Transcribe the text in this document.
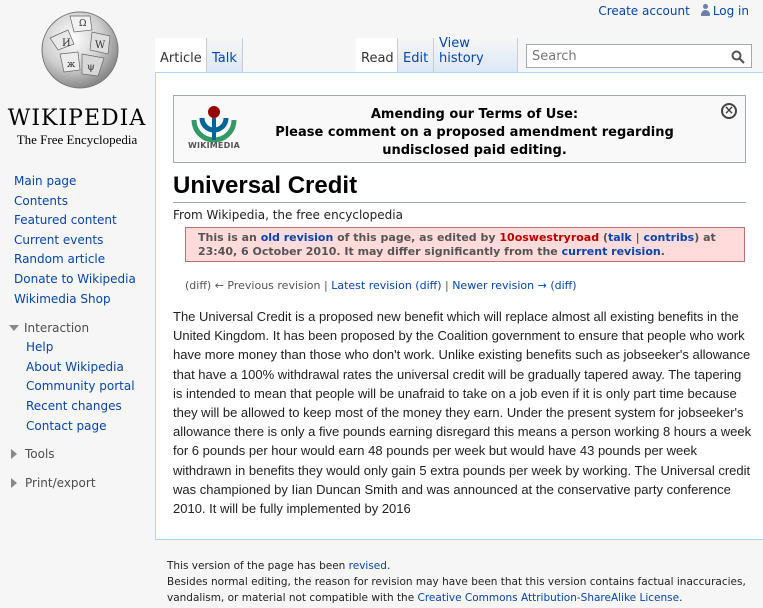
Create account	Log in
Ω
И W
ж ψ
WIKIPEDIA
The Free Encyclopedia
Main page
Contents
Featured content
Current events
Random article
Donate to Wikipedia
Wikimedia Shop
Interaction
Help
About Wikipedia
Community portal
Recent changes
Contact page
Tools
Print/export
Article Talk	Read Edit
View history
Search
WIKIMEDIA
Amending our Terms of Use:
Please comment on a proposed amendment regarding undisclosed paid editing.
×
Universal Credit
From Wikipedia, the free encyclopedia
This is an old revision of this page, as edited by 10oswestryroad (talk | contribs) at 23:40, 6 October 2010. It may differ significantly from the current revision.
(diff) ← Previous revision | Latest revision (diff) | Newer revision → (diff)

The Universal Credit is a proposed new benefit which will replace almost all existing benefits in the United Kingdom. It has been proposed by the Coalition government to ensure that people who work have more money than those who don't work. Unlike existing benefits such as jobseeker's allowance that have a 100% withdrawal rates the universal credit will be gradually tapered away. The tapering is intended to mean that people will be unafraid to take on a job even if it is only part time because they will be allowed to keep most of the money they earn. Under the present system for jobseeker's allowance there is only a five pounds earning disregard this means a person working 8 hours a week for 6 pounds per hour would earn 48 pounds per week but would have 43 pounds per week withdrawn in benefits they would only gain 5 extra pounds per week by working. The Universal credit was championed by Iian Duncan Smith and was announced at the conservative party conference 2010. It will be fully implemented by 2016

This version of the page has been revised.
Besides normal editing, the reason for revision may have been that this version contains factual inaccuracies,
vandalism, or material not compatible with the Creative Commons Attribution-ShareAlike License.
